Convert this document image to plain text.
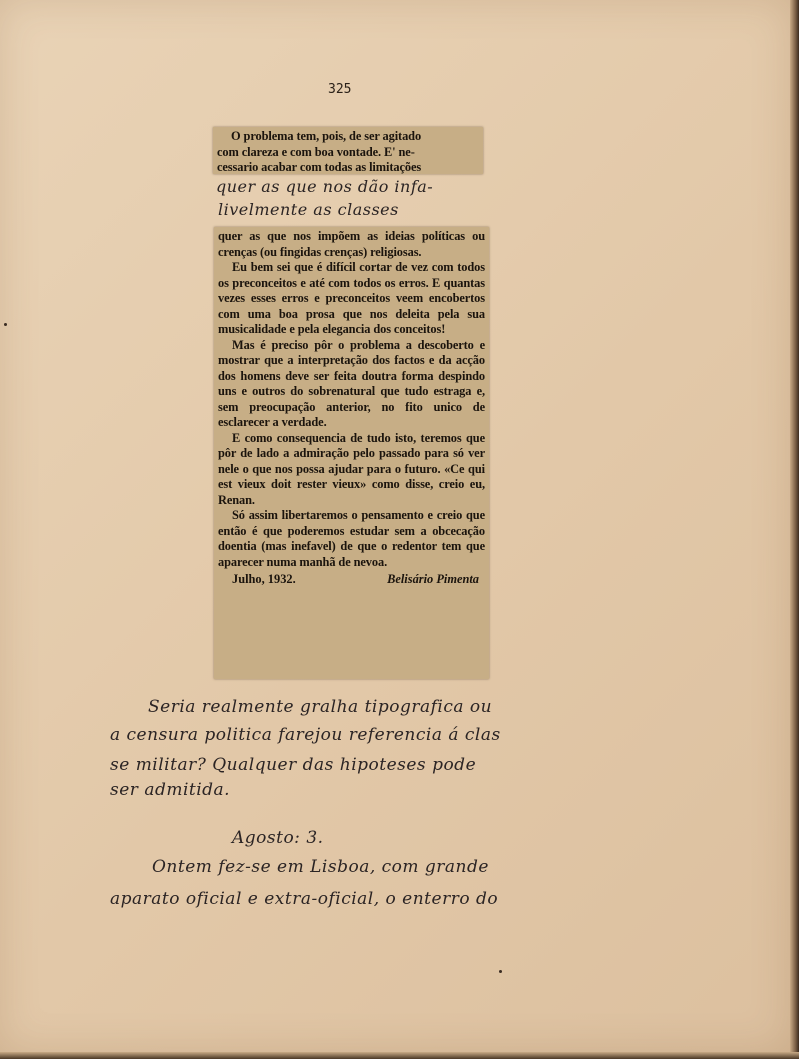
325

O problema tem, pois, de ser agitado

com clareza e com boa vontade. E' ne-

cessario acabar com todas as limitações

quer as que nos dão infa-
livelmente as classes

quer as que nos impõem as ideias políticas ou crenças (ou fingidas crenças) religiosas.

Eu bem sei que é difícil cortar de vez com todos os preconceitos e até com todos os erros. E quantas vezes esses erros e preconceitos veem encobertos com uma boa prosa que nos deleita pela sua musicalidade e pela elegancia dos conceitos!

Mas é preciso pôr o problema a descoberto e mostrar que a interpretação dos factos e da acção dos homens deve ser feita doutra forma despindo uns e outros do sobrenatural que tudo estraga e, sem preocupação anterior, no fito unico de esclarecer a verdade.

E como consequencia de tudo isto, teremos que pôr de lado a admiração pelo passado para só ver nele o que nos possa ajudar para o futuro. «Ce qui est vieux doit rester vieux» como disse, creio eu, Renan.

Só assim libertaremos o pensamento e creio que então é que poderemos estudar sem a obcecação doentia (mas inefavel) de que o redentor tem que aparecer numa manhã de nevoa.

Julho, 1932.	Belisário Pimenta
Seria realmente gralha tipografica ou
a censura politica farejou referencia á clas
se militar? Qualquer das hipoteses pode
ser admitida.
Agosto: 3.
Ontem fez-se em Lisboa, com grande
aparato oficial e extra-oficial, o enterro do
